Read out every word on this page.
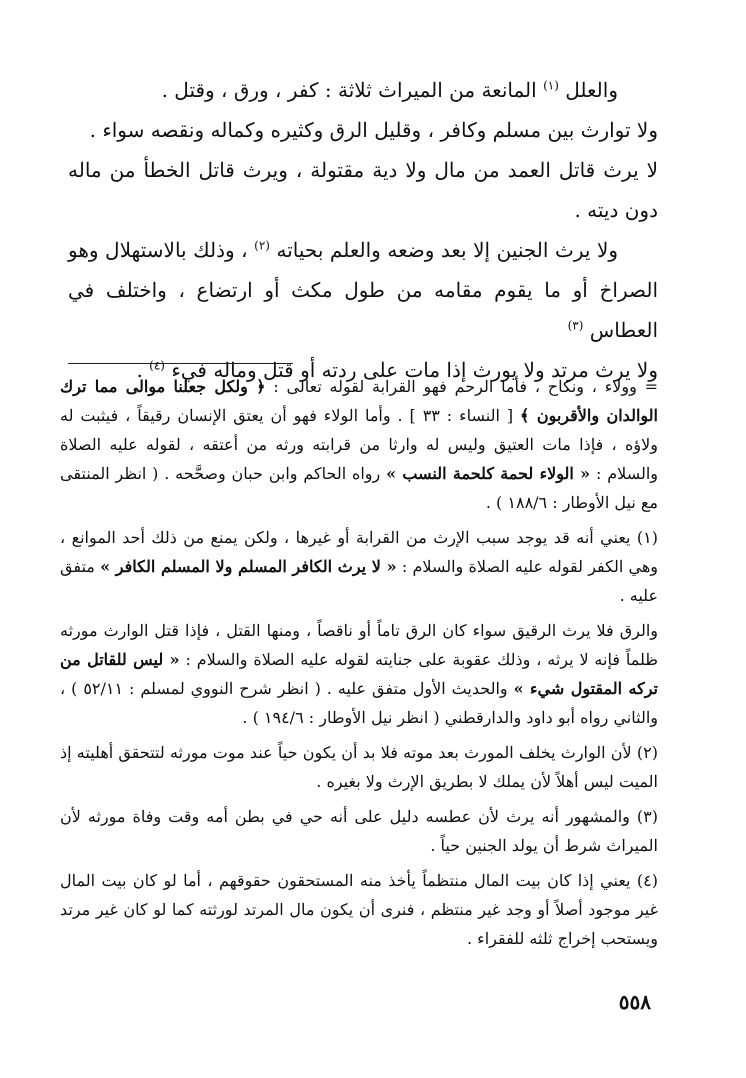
والعلل $^{(١)}$ المانعة من الميراث ثلاثة : كفر ، ورق ، وقتل .

ولا توارث بين مسلم وكافر ، وقليل الرق وكثيره وكماله ونقصه سواء .

لا يرث قاتل العمد من مال ولا دية مقتولة ، ويرث قاتل الخطأ من ماله دون ديته .

ولا يرث الجنين إلا بعد وضعه والعلم بحياته $^{(٢)}$ ، وذلك بالاستهلال وهو الصراخ أو ما يقوم مقامه من طول مكث أو ارتضاع ، واختلف في العطاس $^{(٣)}$

ولا يرث مرتد ولا يورث إذا مات على ردته أو قتل وماله فيء $^{(٤)}$ .

= وولاء ، ونكاح ، فأما الرحم فهو القرابة لقوله تعالى : ﴿ ولكل جعلنا موالى مما ترك الوالدان والأقربون ﴾ [ النساء : ٣٣ ] . وأما الولاء فهو أن يعتق الإنسان رقيقاً ، فيثبت له ولاؤه ، فإذا مات العتيق وليس له وارثا من قرابته ورثه من أعتقه ، لقوله عليه الصلاة والسلام : « الولاء لحمة كلحمة النسب » رواه الحاكم وابن حبان وصحَّحه . ( انظر المنتقى مع نيل الأوطار : ١٨٨/٦ ) .

(١) يعني أنه قد يوجد سبب الإرث من القرابة أو غيرها ، ولكن يمنع من ذلك أحد الموانع ، وهي الكفر لقوله عليه الصلاة والسلام : « لا يرث الكافر المسلم ولا المسلم الكافر » متفق عليه .

والرق فلا يرث الرقيق سواء كان الرق تاماً أو ناقصاً ، ومنها القتل ، فإذا قتل الوارث مورثه ظلماً فإنه لا يرثه ، وذلك عقوبة على جنايته لقوله عليه الصلاة والسلام : « ليس للقاتل من تركه المقتول شيء » والحديث الأول متفق عليه . ( انظر شرح النووي لمسلم : ٥٢/١١ ) ، والثاني رواه أبو داود والدارقطني ( انظر نيل الأوطار : ١٩٤/٦ ) .

(٢) لأن الوارث يخلف المورث بعد موته فلا بد أن يكون حياً عند موت مورثه لتتحقق أهليته إذ الميت ليس أهلاً لأن يملك لا بطريق الإرث ولا بغيره .

(٣) والمشهور أنه يرث لأن عطسه دليل على أنه حي في بطن أمه وقت وفاة مورثه لأن الميراث شرط أن يولد الجنين حياً .

(٤) يعني إذا كان بيت المال منتظماً يأخذ منه المستحقون حقوقهم ، أما لو كان بيت المال غير موجود أصلاً أو وجد غير منتظم ، فنرى أن يكون مال المرتد لورثته كما لو كان غير مرتد ويستحب إخراج ثلثه للفقراء .

٥٥٨
